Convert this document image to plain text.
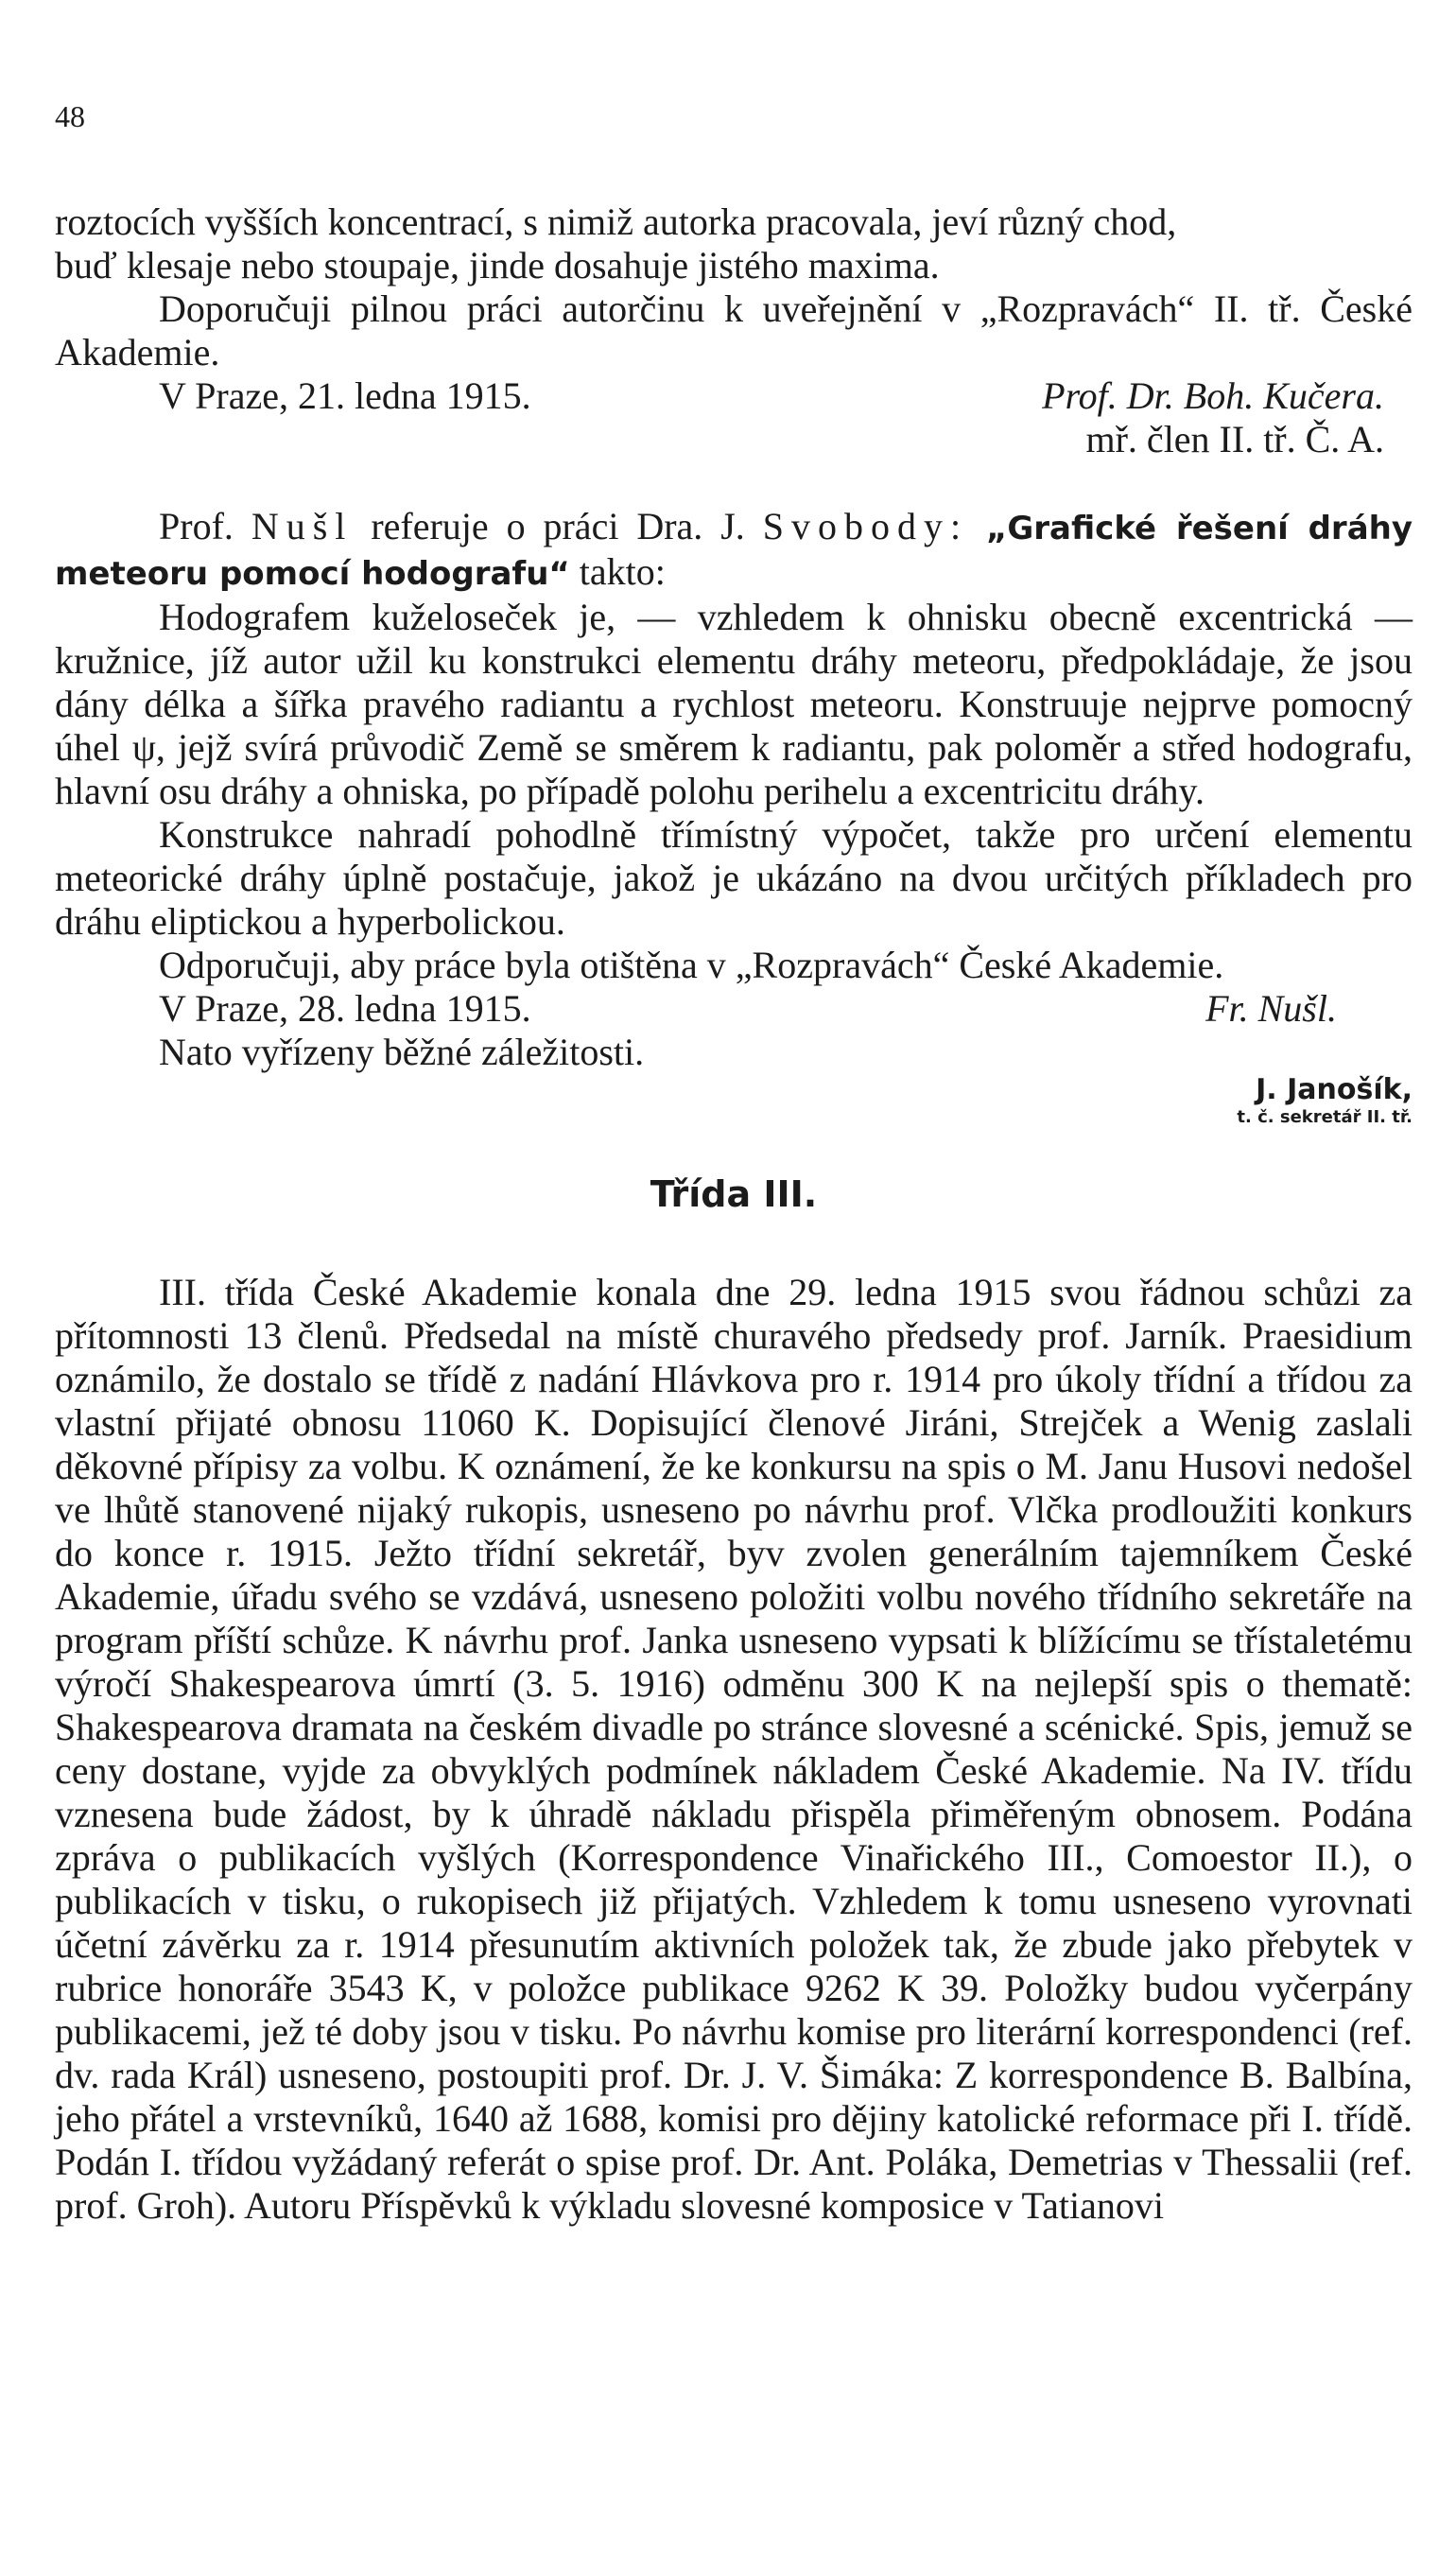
48

roztocích vyšších koncentrací, s nimiž autorka pracovala, jeví různý chod,

buď klesaje nebo stoupaje, jinde dosahuje jistého maxima.

Doporučuji pilnou práci autorčinu k uveřejnění v „Rozpravách“ II. tř. České Akademie.

V Praze, 21. ledna 1915.	Prof. Dr. Boh. Kučera.

mř. člen II. tř. Č. A.

Prof. Nušl referuje o práci Dra. J. Svobody: „Grafické řešení dráhy meteoru pomocí hodografu“ takto:

Hodografem kuželoseček je, — vzhledem k ohnisku obecně excentrická — kružnice, jíž autor užil ku konstrukci elementu dráhy meteoru, předpokládaje, že jsou dány délka a šířka pravého radiantu a rychlost meteoru. Konstruuje nejprve pomocný úhel ψ, jejž svírá průvodič Země se směrem k radiantu, pak poloměr a střed hodografu, hlavní osu dráhy a ohniska, po případě polohu perihelu a excentricitu dráhy.

Konstrukce nahradí pohodlně třímístný výpočet, takže pro určení elementu meteorické dráhy úplně postačuje, jakož je ukázáno na dvou určitých příkladech pro dráhu eliptickou a hyperbolickou.

Odporučuji, aby práce byla otištěna v „Rozpravách“ České Akademie.

V Praze, 28. ledna 1915.	Fr. Nušl.

Nato vyřízeny běžné záležitosti.

J. Janošík,

t. č. sekretář II. tř.

Třída III.

III. třída České Akademie konala dne 29. ledna 1915 svou řádnou schůzi za přítomnosti 13 členů. Předsedal na místě churavého předsedy prof. Jarník. Praesidium oznámilo, že dostalo se třídě z nadání Hlávkova pro r. 1914 pro úkoly třídní a třídou za vlastní přijaté obnosu 11060 K. Dopisující členové Jiráni, Strejček a Wenig zaslali děkovné přípisy za volbu. K oznámení, že ke konkursu na spis o M. Janu Husovi nedošel ve lhůtě stanovené nijaký rukopis, usneseno po návrhu prof. Vlčka prodloužiti konkurs do konce r. 1915. Ježto třídní sekretář, byv zvolen generálním tajemníkem České Akademie, úřadu svého se vzdává, usneseno položiti volbu nového třídního sekretáře na program příští schůze. K návrhu prof. Janka usneseno vypsati k blížícímu se třístaletému výročí Shakespearova úmrtí (3. 5. 1916) odměnu 300 K na nejlepší spis o thematě: Shakespearova dramata na českém divadle po stránce slovesné a scénické. Spis, jemuž se ceny dostane, vyjde za obvyklých podmínek nákladem České Akademie. Na IV. třídu vznesena bude žádost, by k úhradě nákladu přispěla přiměřeným obnosem. Podána zpráva o publikacích vyšlých (Korrespondence Vinařického III., Comoestor II.), o publikacích v tisku, o rukopisech již přijatých. Vzhledem k tomu usneseno vyrovnati účetní závěrku za r. 1914 přesunutím aktivních položek tak, že zbude jako přebytek v rubrice honoráře 3543 K, v položce publikace 9262 K 39. Položky budou vyčerpány publikacemi, jež té doby jsou v tisku. Po návrhu komise pro literární korrespondenci (ref. dv. rada Král) usneseno, postoupiti prof. Dr. J. V. Šimáka: Z korrespondence B. Balbína, jeho přátel a vrstevníků, 1640 až 1688, komisi pro dějiny katolické reformace při I. třídě. Podán I. třídou vyžádaný referát o spise prof. Dr. Ant. Poláka, Demetrias v Thessalii (ref. prof. Groh). Autoru Příspěvků k výkladu slovesné komposice v Tatianovi
